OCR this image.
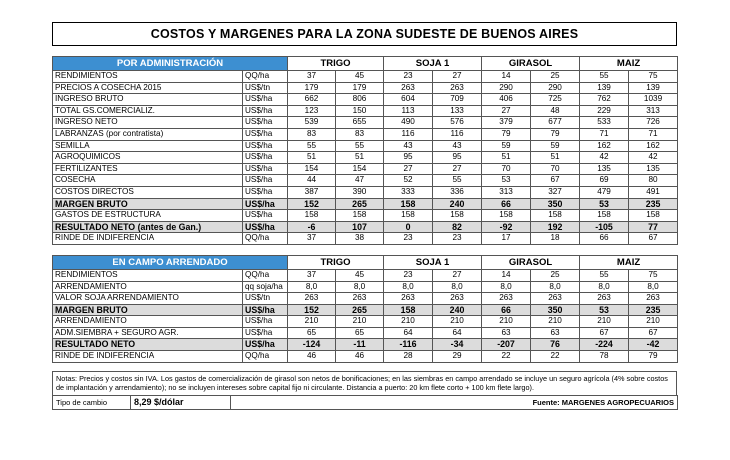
COSTOS Y MARGENES PARA LA ZONA SUDESTE DE BUENOS AIRES
POR ADMINISTRACIÓN		TRIGO		SOJA 1		GIRASOL		MAIZ	
RENDIMIENTOS	QQ/ha	37	45	23	27	14	25	55	75
PRECIOS A COSECHA 2015	US$/tn	179	179	263	263	290	290	139	139
INGRESO BRUTO	US$/ha	662	806	604	709	406	725	762	1039
TOTAL GS.COMERCIALIZ.	US$/ha	123	150	113	133	27	48	229	313
INGRESO NETO	US$/ha	539	655	490	576	379	677	533	726
LABRANZAS (por contratista)	US$/ha	83	83	116	116	79	79	71	71
SEMILLA	US$/ha	55	55	43	43	59	59	162	162
AGROQUIMICOS	US$/ha	51	51	95	95	51	51	42	42
FERTILIZANTES	US$/ha	154	154	27	27	70	70	135	135
COSECHA	US$/ha	44	47	52	55	53	67	69	80
COSTOS DIRECTOS	US$/ha	387	390	333	336	313	327	479	491
MARGEN BRUTO	US$/ha	152	265	158	240	66	350	53	235
GASTOS DE ESTRUCTURA	US$/ha	158	158	158	158	158	158	158	158
RESULTADO NETO (antes de Gan.)	US$/ha	-6	107	0	82	-92	192	-105	77
RINDE DE INDIFERENCIA	QQ/ha	37	38	23	23	17	18	66	67
EN CAMPO ARRENDADO		TRIGO		SOJA 1		GIRASOL		MAIZ	
RENDIMIENTOS	QQ/ha	37	45	23	27	14	25	55	75
ARRENDAMIENTO	qq soja/ha	8,0	8,0	8,0	8,0	8,0	8,0	8,0	8,0
VALOR SOJA ARRENDAMIENTO	US$/tn	263	263	263	263	263	263	263	263
MARGEN BRUTO	US$/ha	152	265	158	240	66	350	53	235
ARRENDAMIENTO	US$/ha	210	210	210	210	210	210	210	210
ADM.SIEMBRA + SEGURO AGR.	US$/ha	65	65	64	64	63	63	67	67
RESULTADO NETO	US$/ha	-124	-11	-116	-34	-207	76	-224	-42
RINDE DE INDIFERENCIA	QQ/ha	46	46	28	29	22	22	78	79
Notas: Precios y costos sin IVA. Los gastos de comercialización de girasol son netos de bonificaciones; en las siembras en campo arrendado se incluye un seguro agrícola (4% sobre costos de implantación y arrendamiento); no se incluyen intereses sobre capital fijo ni circulante. Distancia a puerto: 20 km flete corto + 100 km flete largo).
Tipo de cambio	8,29 $/dólar	Fuente: MARGENES AGROPECUARIOS
